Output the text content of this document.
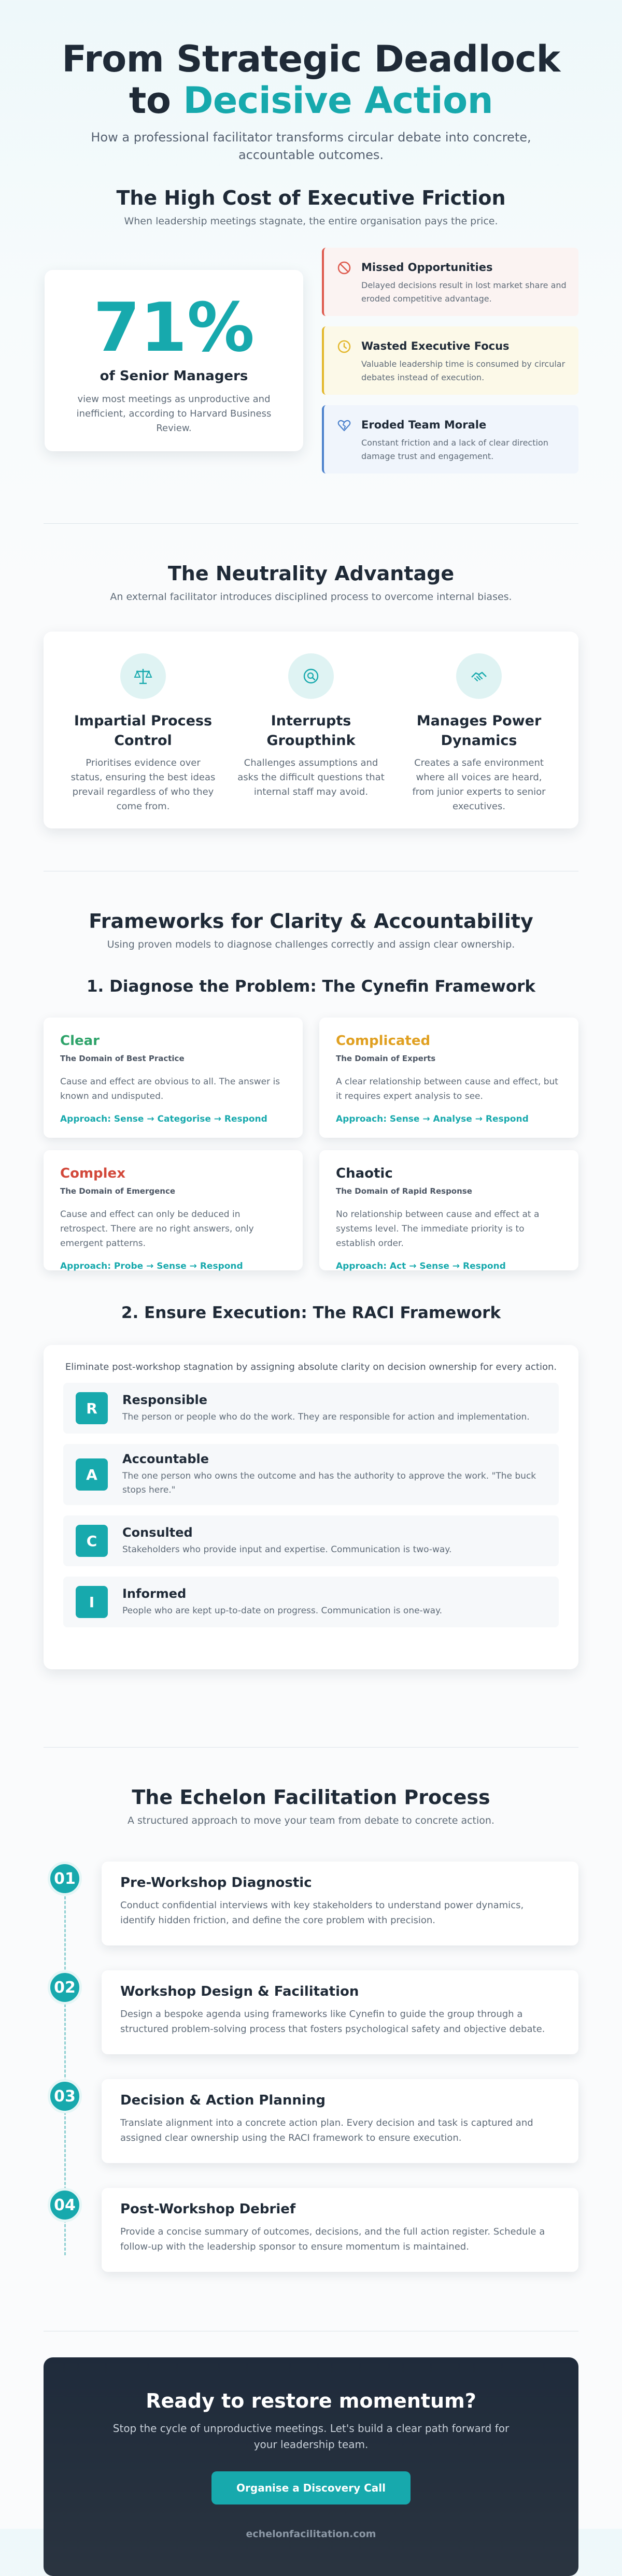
From Strategic Deadlock
to Decisive Action

How a professional facilitator transforms circular debate into concrete, accountable outcomes.

The High Cost of Executive Friction

When leadership meetings stagnate, the entire organisation pays the price.

71%
of Senior Managers
view most meetings as unproductive and inefficient, according to Harvard Business Review.
Missed Opportunities

Delayed decisions result in lost market share and eroded competitive advantage.

Wasted Executive Focus

Valuable leadership time is consumed by circular debates instead of execution.

Eroded Team Morale

Constant friction and a lack of clear direction damage trust and engagement.

The Neutrality Advantage

An external facilitator introduces disciplined process to overcome internal biases.

Impartial Process Control

Prioritises evidence over status, ensuring the best ideas prevail regardless of who they come from.

Interrupts Groupthink

Challenges assumptions and asks the difficult questions that internal staff may avoid.

Manages Power Dynamics

Creates a safe environment where all voices are heard, from junior experts to senior executives.

Frameworks for Clarity & Accountability

Using proven models to diagnose challenges correctly and assign clear ownership.

1. Diagnose the Problem: The Cynefin Framework
Clear
The Domain of Best Practice

Cause and effect are obvious to all. The answer is known and undisputed.

Approach: Sense → Categorise → Respond
Complicated
The Domain of Experts

A clear relationship between cause and effect, but it requires expert analysis to see.

Approach: Sense → Analyse → Respond
Complex
The Domain of Emergence

Cause and effect can only be deduced in retrospect. There are no right answers, only emergent patterns.

Approach: Probe → Sense → Respond
Chaotic
The Domain of Rapid Response

No relationship between cause and effect at a systems level. The immediate priority is to establish order.

Approach: Act → Sense → Respond
2. Ensure Execution: The RACI Framework

Eliminate post-workshop stagnation by assigning absolute clarity on decision ownership for every action.

R	Responsible

The person or people who do the work. They are responsible for action and implementation.

A
Accountable

The one person who owns the outcome and has the authority to approve the work. "The buck stops here."

C	Consulted

Stakeholders who provide input and expertise. Communication is two-way.

I	Informed

People who are kept up-to-date on progress. Communication is one-way.

The Echelon Facilitation Process

A structured approach to move your team from debate to concrete action.

01	Pre-Workshop Diagnostic

Conduct confidential interviews with key stakeholders to understand power dynamics, identify hidden friction, and define the core problem with precision.

02	Workshop Design & Facilitation

Design a bespoke agenda using frameworks like Cynefin to guide the group through a structured problem-solving process that fosters psychological safety and objective debate.

03	Decision & Action Planning

Translate alignment into a concrete action plan. Every decision and task is captured and assigned clear ownership using the RACI framework to ensure execution.

04	Post-Workshop Debrief

Provide a concise summary of outcomes, decisions, and the full action register. Schedule a follow-up with the leadership sponsor to ensure momentum is maintained.

Ready to restore momentum?

Stop the cycle of unproductive meetings. Let's build a clear path forward for your leadership team.

Organise a Discovery Call
echelonfacilitation.com
